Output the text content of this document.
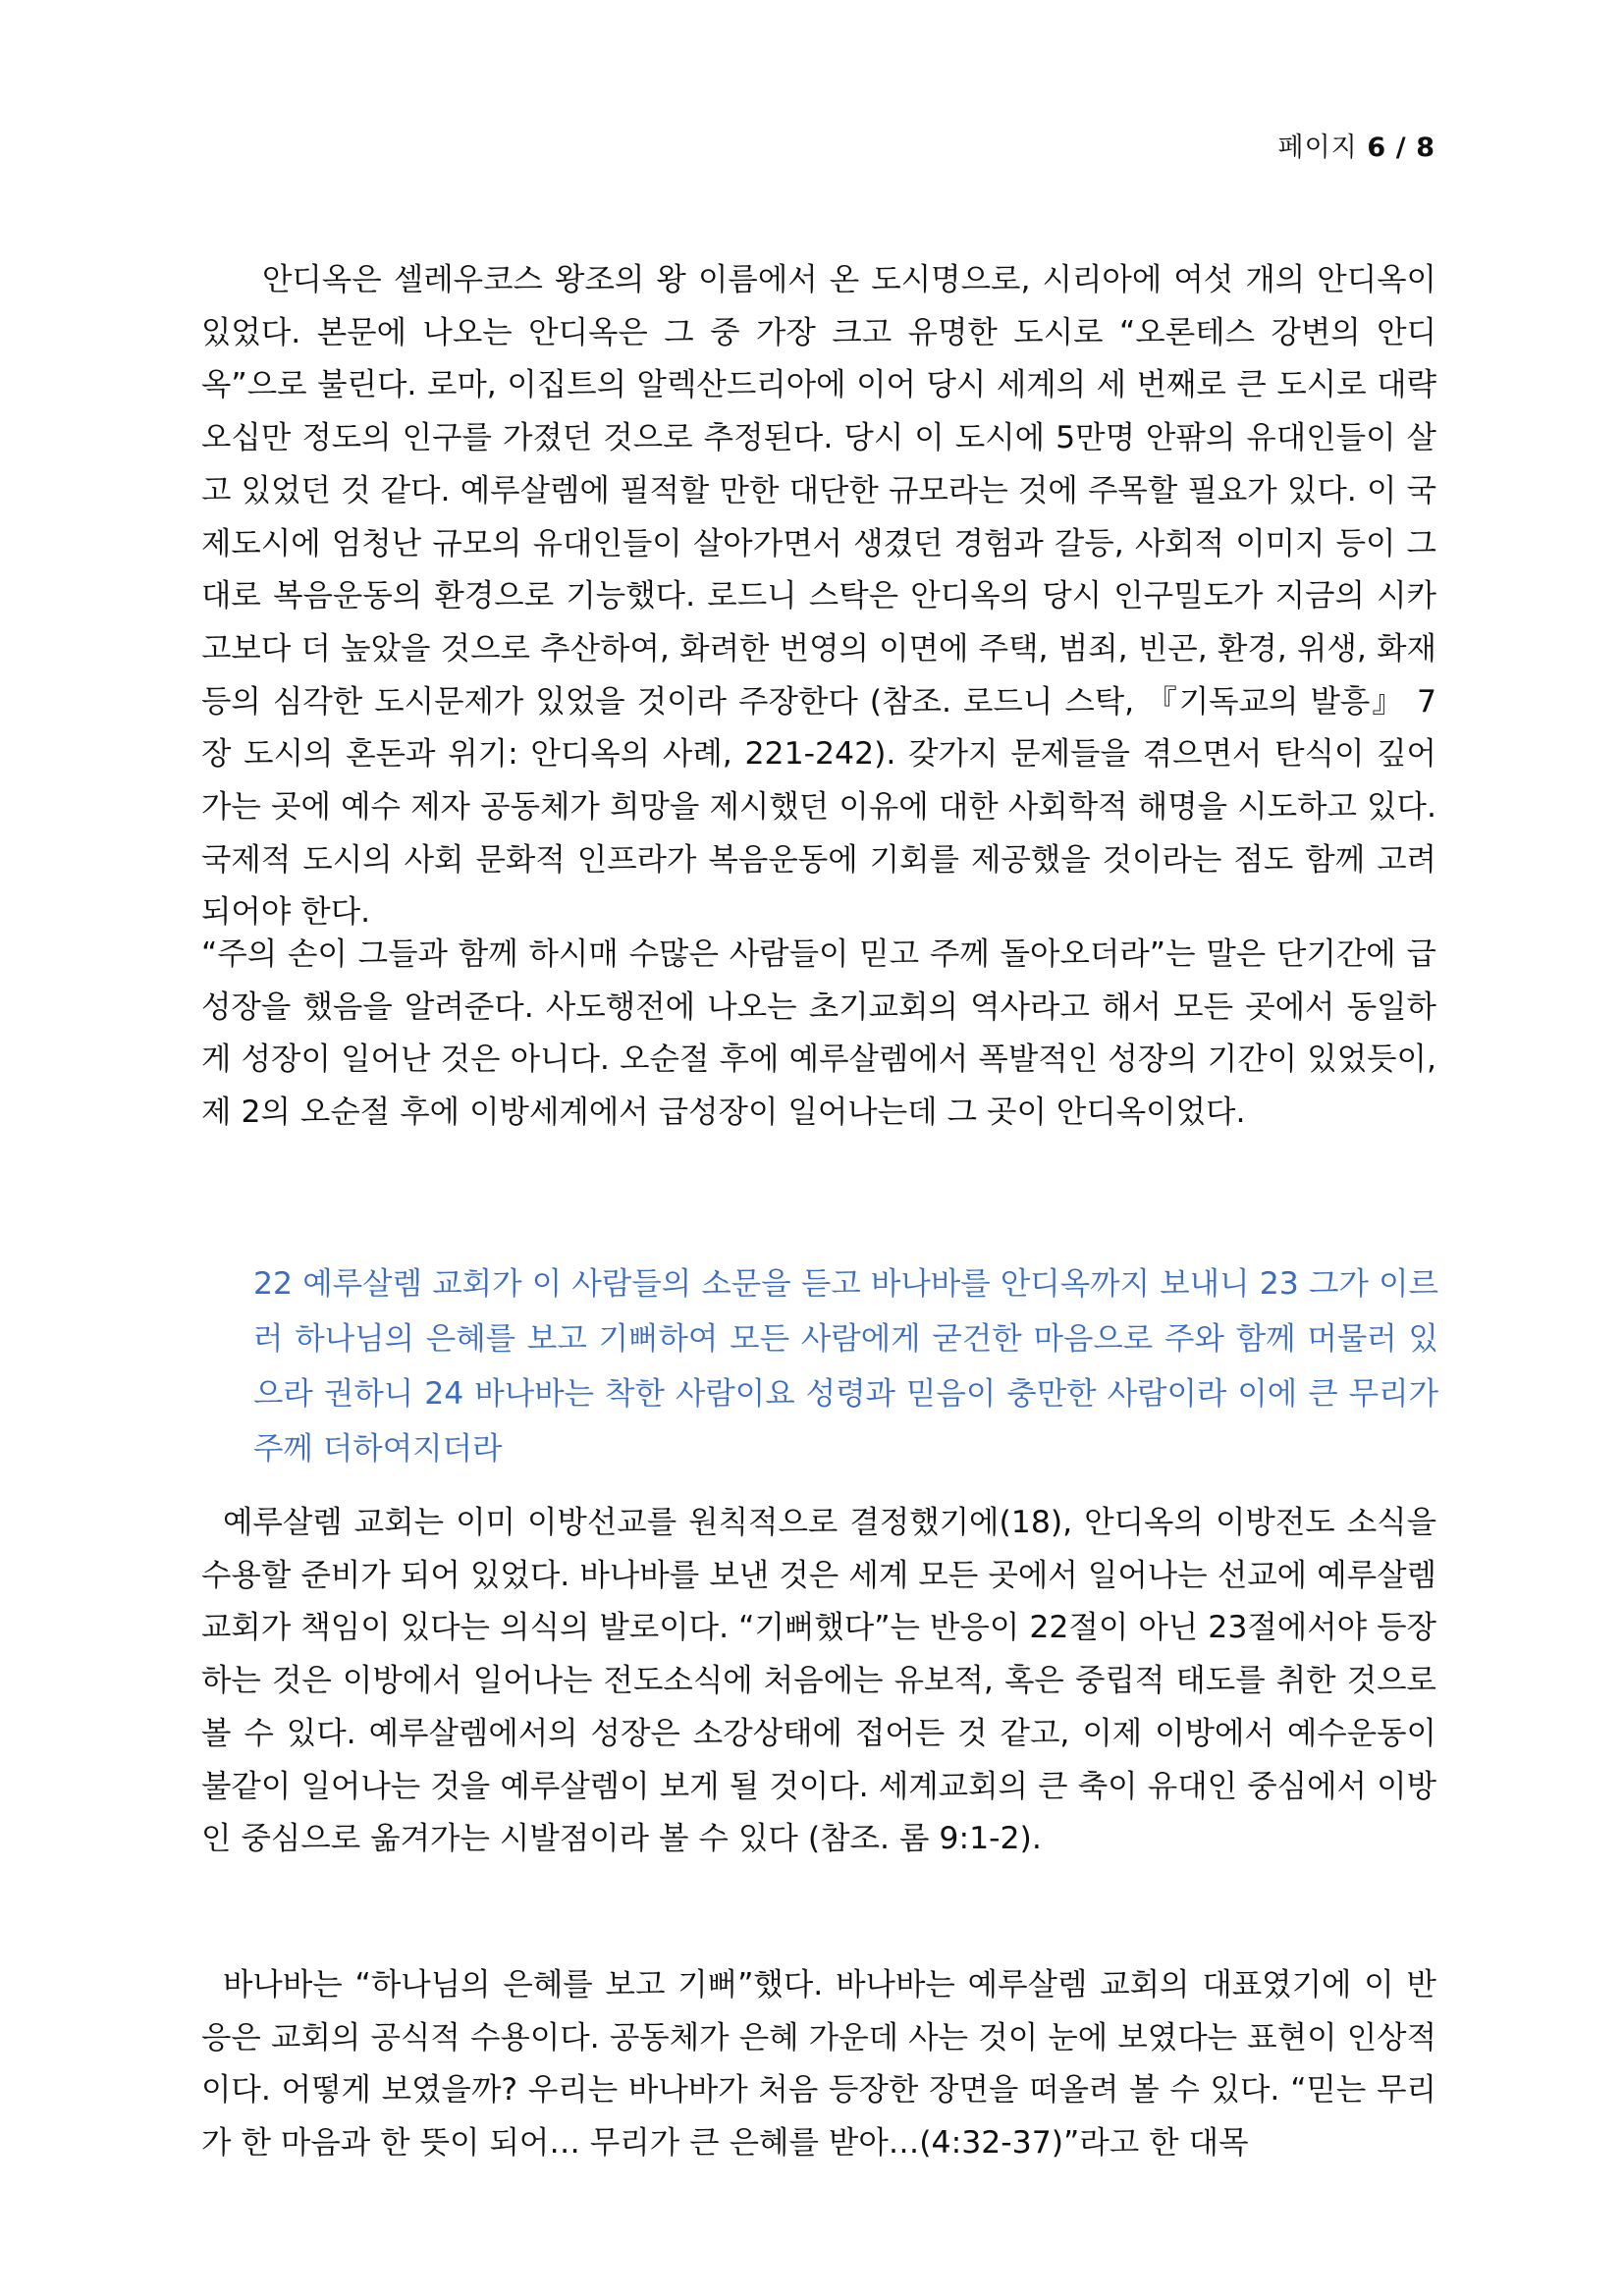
페이지 6 / 8

안디옥은 셀레우코스 왕조의 왕 이름에서 온 도시명으로, 시리아에 여섯 개의 안디옥이 있었다. 본문에 나오는 안디옥은 그 중 가장 크고 유명한 도시로 “오론테스 강변의 안디옥”으로 불린다. 로마, 이집트의 알렉산드리아에 이어 당시 세계의 세 번째로 큰 도시로 대략 오십만 정도의 인구를 가졌던 것으로 추정된다. 당시 이 도시에 5만명 안팎의 유대인들이 살고 있었던 것 같다. 예루살렘에 필적할 만한 대단한 규모라는 것에 주목할 필요가 있다. 이 국제도시에 엄청난 규모의 유대인들이 살아가면서 생겼던 경험과 갈등, 사회적 이미지 등이 그대로 복음운동의 환경으로 기능했다. 로드니 스탁은 안디옥의 당시 인구밀도가 지금의 시카고보다 더 높았을 것으로 추산하여, 화려한 번영의 이면에 주택, 범죄, 빈곤, 환경, 위생, 화재 등의 심각한 도시문제가 있었을 것이라 주장한다 (참조. 로드니 스탁, 『기독교의 발흥』 7장 도시의 혼돈과 위기: 안디옥의 사례, 221-242). 갖가지 문제들을 겪으면서 탄식이 깊어 가는 곳에 예수 제자 공동체가 희망을 제시했던 이유에 대한 사회학적 해명을 시도하고 있다. 국제적 도시의 사회 문화적 인프라가 복음운동에 기회를 제공했을 것이라는 점도 함께 고려되어야 한다.

“주의 손이 그들과 함께 하시매 수많은 사람들이 믿고 주께 돌아오더라”는 말은 단기간에 급성장을 했음을 알려준다. 사도행전에 나오는 초기교회의 역사라고 해서 모든 곳에서 동일하게 성장이 일어난 것은 아니다. 오순절 후에 예루살렘에서 폭발적인 성장의 기간이 있었듯이, 제 2의 오순절 후에 이방세계에서 급성장이 일어나는데 그 곳이 안디옥이었다.

22 예루살렘 교회가 이 사람들의 소문을 듣고 바나바를 안디옥까지 보내니 23 그가 이르러 하나님의 은혜를 보고 기뻐하여 모든 사람에게 굳건한 마음으로 주와 함께 머물러 있으라 권하니 24 바나바는 착한 사람이요 성령과 믿음이 충만한 사람이라 이에 큰 무리가 주께 더하여지더라

예루살렘 교회는 이미 이방선교를 원칙적으로 결정했기에(18), 안디옥의 이방전도 소식을 수용할 준비가 되어 있었다. 바나바를 보낸 것은 세계 모든 곳에서 일어나는 선교에 예루살렘교회가 책임이 있다는 의식의 발로이다. “기뻐했다”는 반응이 22절이 아닌 23절에서야 등장하는 것은 이방에서 일어나는 전도소식에 처음에는 유보적, 혹은 중립적 태도를 취한 것으로 볼 수 있다. 예루살렘에서의 성장은 소강상태에 접어든 것 같고, 이제 이방에서 예수운동이 불같이 일어나는 것을 예루살렘이 보게 될 것이다. 세계교회의 큰 축이 유대인 중심에서 이방인 중심으로 옮겨가는 시발점이라 볼 수 있다 (참조. 롬 9:1-2).

바나바는 “하나님의 은혜를 보고 기뻐”했다. 바나바는 예루살렘 교회의 대표였기에 이 반응은 교회의 공식적 수용이다. 공동체가 은혜 가운데 사는 것이 눈에 보였다는 표현이 인상적이다. 어떻게 보였을까? 우리는 바나바가 처음 등장한 장면을 떠올려 볼 수 있다. “믿는 무리가 한 마음과 한 뜻이 되어… 무리가 큰 은혜를 받아…(4:32-37)”라고 한 대목
